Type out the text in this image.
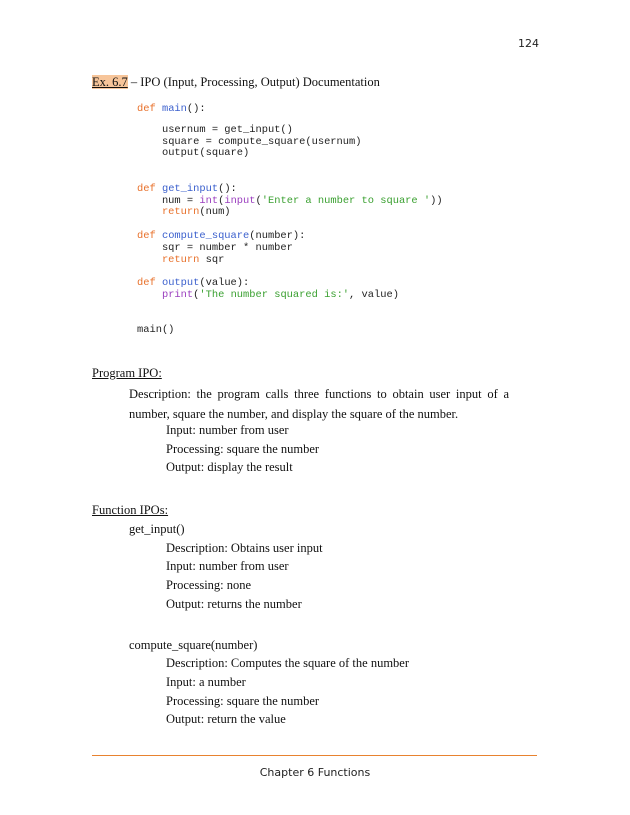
124
Ex. 6.7 – IPO (Input, Processing, Output) Documentation
def main():
usernum = get_input()
square = compute_square(usernum)
output(square)
def get_input():
num = int(input('Enter a number to square '))
return(num)
def compute_square(number):
sqr = number * number
return sqr
def output(value):
print('The number squared is:', value)
main()
Program IPO:
Description: the program calls three functions to obtain user input of a number, square the number, and display the square of the number.
Input: number from user
Processing: square the number
Output: display the result
Function IPOs:
get_input()
Description: Obtains user input
Input: number from user
Processing: none
Output: returns the number
compute_square(number)
Description: Computes the square of the number
Input: a number
Processing: square the number
Output: return the value
Chapter 6 Functions
